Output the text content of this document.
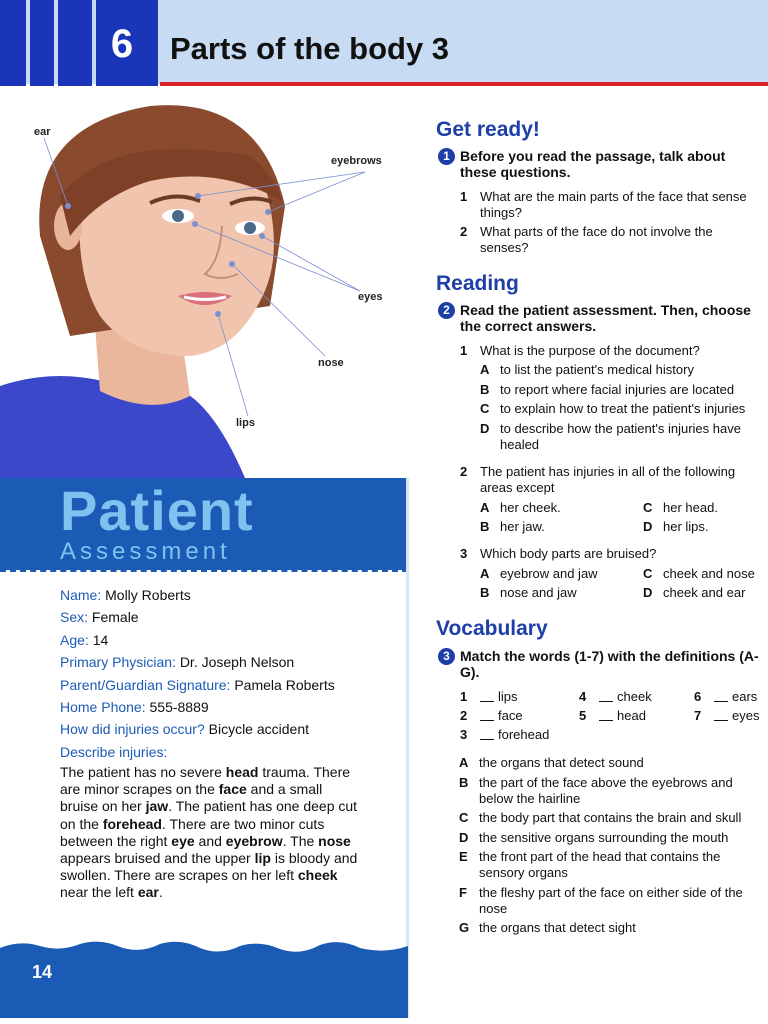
6	Parts of the body 3
ear
eyebrows
eyes
nose
lips
Patient
Assessment
Name: Molly Roberts
Sex: Female
Age: 14
Primary Physician: Dr. Joseph Nelson
Parent/Guardian Signature: Pamela Roberts
Home Phone: 555-8889
How did injuries occur? Bicycle accident
Describe injuries:
The patient has no severe head trauma. There are minor scrapes on the face and a small bruise on her jaw. The patient has one deep cut on the forehead. There are two minor cuts between the right eye and eyebrow. The nose appears bruised and the upper lip is bloody and swollen. There are scrapes on her left cheek near the left ear.
14
Get ready!
1 Before you read the passage, talk about these questions.
1 What are the main parts of the face that sense things?
2 What parts of the face do not involve the senses?
Reading
2 Read the patient assessment. Then, choose the correct answers.
1 What is the purpose of the document?
A to list the patient's medical history
B to report where facial injuries are located
C to explain how to treat the patient's injuries
D to describe how the patient's injuries have healed
2 The patient has injuries in all of the following areas except
A her cheek.	C her head.
B her jaw.	D her lips.
3 Which body parts are bruised?
A eyebrow and jaw	C cheek and nose
B nose and jaw	D cheek and ear
Vocabulary
3 Match the words (1-7) with the definitions (A-G).
1 lips	4 cheek	6 ears
2 face	5 head	7 eyes
3 forehead
A the organs that detect sound
B the part of the face above the eyebrows and below the hairline
C the body part that contains the brain and skull
D the sensitive organs surrounding the mouth
E the front part of the head that contains the sensory organs
F the fleshy part of the face on either side of the nose
G the organs that detect sight
